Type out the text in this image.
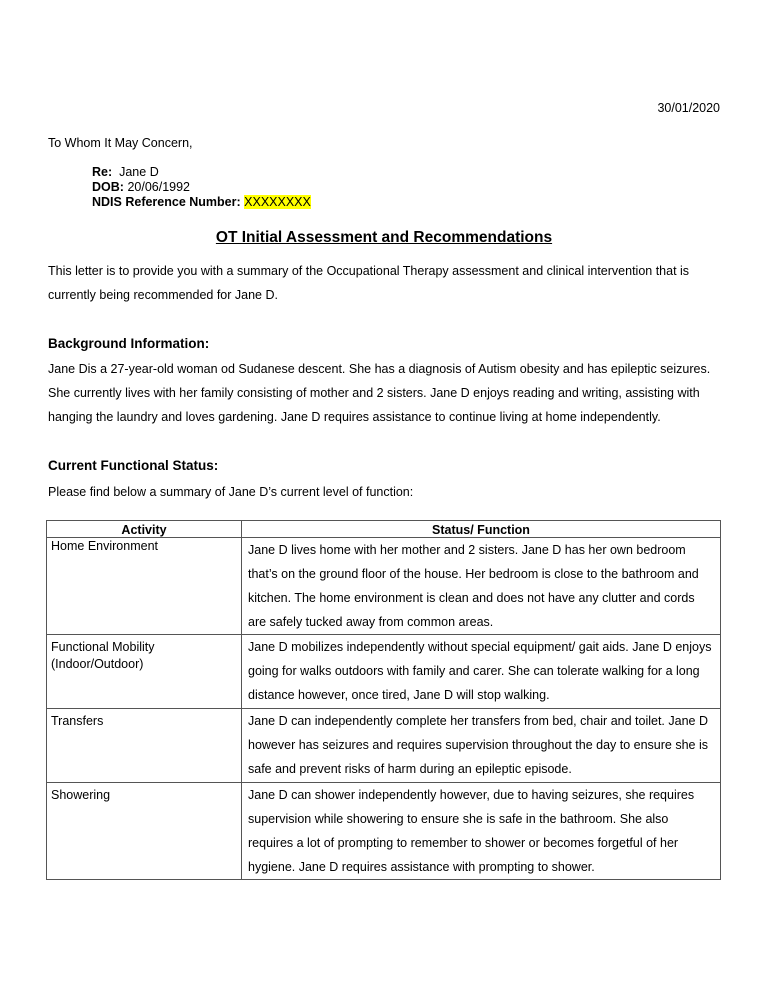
30/01/2020
To Whom It May Concern,
Re: Jane D
DOB: 20/06/1992
NDIS Reference Number: XXXXXXXX
OT Initial Assessment and Recommendations
This letter is to provide you with a summary of the Occupational Therapy assessment and clinical intervention that is currently being recommended for Jane D.
Background Information:
Jane Dis a 27-year-old woman od Sudanese descent. She has a diagnosis of Autism obesity and has epileptic seizures. She currently lives with her family consisting of mother and 2 sisters. Jane D enjoys reading and writing, assisting with hanging the laundry and loves gardening. Jane D requires assistance to continue living at home independently.
Current Functional Status:
Please find below a summary of Jane D’s current level of function:
Activity	Status/ Function
Home Environment	Jane D lives home with her mother and 2 sisters. Jane D has her own bedroom that’s on the ground floor of the house. Her bedroom is close to the bathroom and kitchen. The home environment is clean and does not have any clutter and cords are safely tucked away from common areas.
Functional Mobility (Indoor/Outdoor)	Jane D mobilizes independently without special equipment/ gait aids. Jane D enjoys going for walks outdoors with family and carer. She can tolerate walking for a long distance however, once tired, Jane D will stop walking.
Transfers	Jane D can independently complete her transfers from bed, chair and toilet. Jane D however has seizures and requires supervision throughout the day to ensure she is safe and prevent risks of harm during an epileptic episode.
Showering	Jane D can shower independently however, due to having seizures, she requires supervision while showering to ensure she is safe in the bathroom. She also requires a lot of prompting to remember to shower or becomes forgetful of her hygiene. Jane D requires assistance with prompting to shower.
